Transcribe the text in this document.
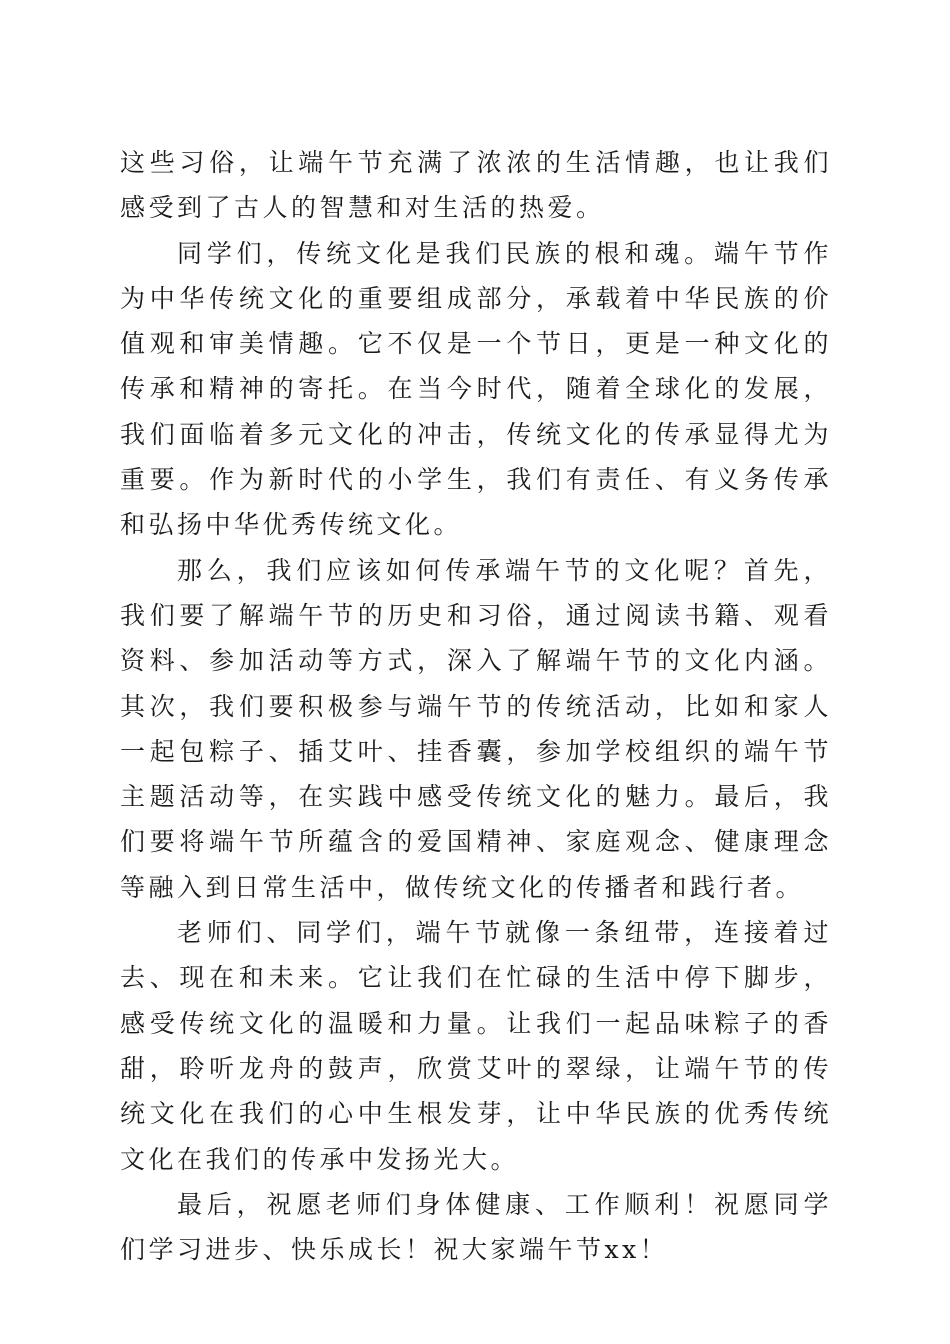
这些习俗，让端午节充满了浓浓的生活情趣，也让我们感受到了古人的智慧和对生活的热爱。

同学们，传统文化是我们民族的根和魂。端午节作为中华传统文化的重要组成部分，承载着中华民族的价值观和审美情趣。它不仅是一个节日，更是一种文化的传承和精神的寄托。在当今时代，随着全球化的发展，我们面临着多元文化的冲击，传统文化的传承显得尤为重要。作为新时代的小学生，我们有责任、有义务传承和弘扬中华优秀传统文化。

那么，我们应该如何传承端午节的文化呢？首先，我们要了解端午节的历史和习俗，通过阅读书籍、观看资料、参加活动等方式，深入了解端午节的文化内涵。其次，我们要积极参与端午节的传统活动，比如和家人一起包粽子、插艾叶、挂香囊，参加学校组织的端午节主题活动等，在实践中感受传统文化的魅力。最后，我们要将端午节所蕴含的爱国精神、家庭观念、健康理念等融入到日常生活中，做传统文化的传播者和践行者。

老师们、同学们，端午节就像一条纽带，连接着过去、现在和未来。它让我们在忙碌的生活中停下脚步，感受传统文化的温暖和力量。让我们一起品味粽子的香甜，聆听龙舟的鼓声，欣赏艾叶的翠绿，让端午节的传统文化在我们的心中生根发芽，让中华民族的优秀传统文化在我们的传承中发扬光大。

最后，祝愿老师们身体健康、工作顺利！祝愿同学们学习进步、快乐成长！祝大家端午节xx！
